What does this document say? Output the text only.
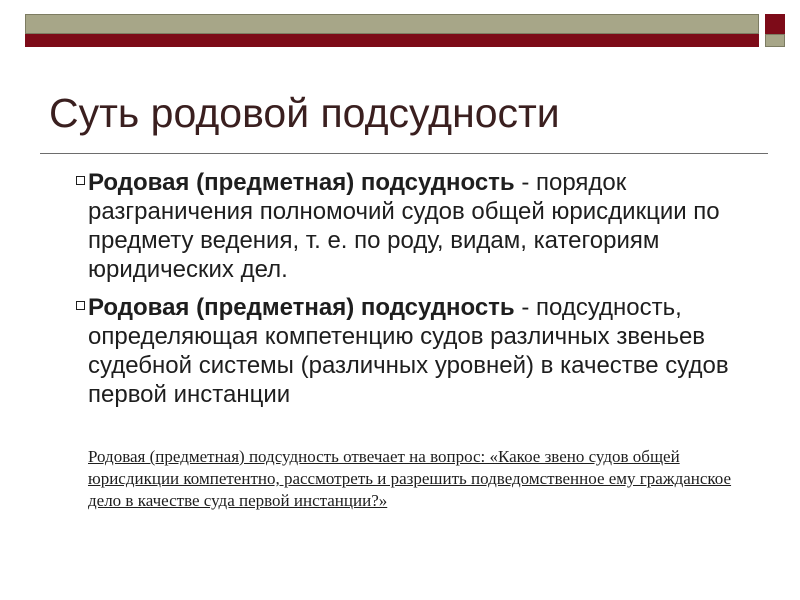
Суть родовой подсудности
Родовая (предметная) подсудность - порядок разграничения полномочий судов общей юрисдикции по предмету ведения, т. е. по роду, видам, категориям юридических дел.
Родовая (предметная) подсудность - подсудность, определяющая компетенцию судов различных звеньев судебной системы (различных уровней) в качестве судов первой инстанции

Родовая (предметная) подсудность отвечает на вопрос: «Какое звено судов общей юрисдикции компетентно, рассмотреть и разрешить подведомственное ему гражданское дело в качестве суда первой инстанции?»
